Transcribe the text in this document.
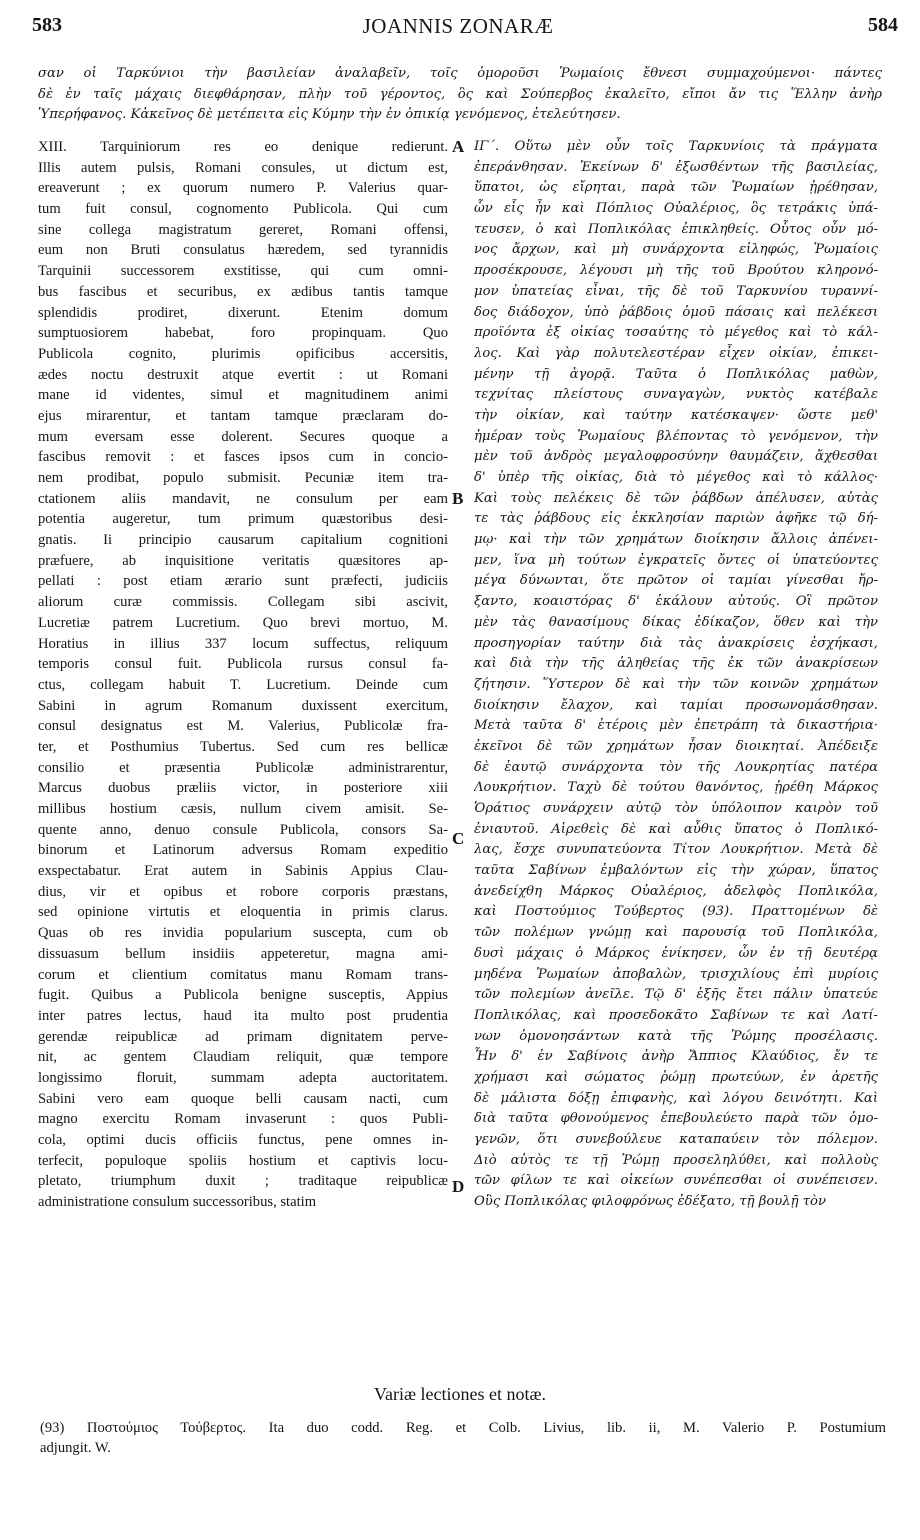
583	JOANNIS ZONARÆ	584
σαν οἱ Ταρκύνιοι τὴν βασιλείαν ἀναλαβεῖν, τοῖς ὁμοροῦσι Ῥωμαίοις ἔθνεσι συμμαχούμενοι· πάντες
δὲ ἐν ταῖς μάχαις διεφθάρησαν, πλὴν τοῦ γέροντος, ὃς καὶ Σούπερβος ἐκαλεῖτο, εἴποι ἄν τις Ἕλλην ἀνὴρ
Ὑπερήφανος. Κἀκεῖνος δὲ μετέπειτα εἰς Κύμην τὴν ἐν ὀπικίᾳ γενόμενος, ἐτελεύτησεν.
XIII. Tarquiniorum res eo denique redierunt.
Illis autem pulsis, Romani consules, ut dictum est,
ereaverunt ; ex quorum numero P. Valerius quar-
tum fuit consul, cognomento Publicola. Qui cum
sine collega magistratum gereret, Romani offensi,
eum non Bruti consulatus hæredem, sed tyrannidis
Tarquinii successorem exstitisse, qui cum omni-
bus fascibus et securibus, ex ædibus tantis tamque
splendidis prodiret, dixerunt. Etenim domum
sumptuosiorem habebat, foro propinquam. Quo
Publicola cognito, plurimis opificibus accersitis,
ædes noctu destruxit atque evertit : ut Romani
mane id videntes, simul et magnitudinem animi
ejus mirarentur, et tantam tamque præclaram do-
mum eversam esse dolerent. Secures quoque a
fascibus removit : et fasces ipsos cum in concio-
nem prodibat, populo submisit. Pecuniæ item tra-
ctationem aliis mandavit, ne consulum per eam
potentia augeretur, tum primum quæstoribus desi-
gnatis. Ii principio causarum capitalium cognitioni
præfuere, ab inquisitione veritatis quæsitores ap-
pellati : post etiam ærario sunt præfecti, judiciis
aliorum curæ commissis. Collegam sibi ascivit,
Lucretiæ patrem Lucretium. Quo brevi mortuo, M.
Horatius in illius 337 locum suffectus, reliquum
temporis consul fuit. Publicola rursus consul fa-
ctus, collegam habuit T. Lucretium. Deinde cum
Sabini in agrum Romanum duxissent exercitum,
consul designatus est M. Valerius, Publicolæ fra-
ter, et Posthumius Tubertus. Sed cum res bellicæ
consilio et præsentia Publicolæ administrarentur,
Marcus duobus præliis victor, in posteriore xiii
millibus hostium cæsis, nullum civem amisit. Se-
quente anno, denuo consule Publicola, consors Sa-
binorum et Latinorum adversus Romam expeditio
exspectabatur. Erat autem in Sabinis Appius Clau-
dius, vir et opibus et robore corporis præstans,
sed opinione virtutis et eloquentia in primis clarus.
Quas ob res invidia popularium suscepta, cum ob
dissuasum bellum insidiis appeteretur, magna ami-
corum et clientium comitatus manu Romam trans-
fugit. Quibus a Publicola benigne susceptis, Appius
inter patres lectus, haud ita multo post prudentia
gerendæ reipublicæ ad primam dignitatem perve-
nit, ac gentem Claudiam reliquit, quæ tempore
longissimo floruit, summam adepta auctoritatem.
Sabini vero eam quoque belli causam nacti, cum
magno exercitu Romam invaserunt : quos Publi-
cola, optimi ducis officiis functus, pene omnes in-
terfecit, populoque spoliis hostium et captivis locu-
pletato, triumphum duxit ; traditaque reipublicæ
administratione consulum successoribus, statim
ΙΓ΄. Οὕτω μὲν οὖν τοῖς Ταρκυνίοις τὰ πράγματα
ἐπεράνθησαν. Ἐκείνων δ' ἐξωσθέντων τῆς βασιλείας,
ὕπατοι, ὡς εἴρηται, παρὰ τῶν Ῥωμαίων ᾑρέθησαν,
ὧν εἷς ἦν καὶ Πόπλιος Οὐαλέριος, ὃς τετράκις ὑπά-
τευσεν, ὁ καὶ Ποπλικόλας ἐπικληθείς. Οὗτος οὖν μό-
νος ἄρχων, καὶ μὴ συνάρχοντα εἰληφώς, Ῥωμαίοις
προσέκρουσε, λέγουσι μὴ τῆς τοῦ Βρούτου κληρονό-
μον ὑπατείας εἶναι, τῆς δὲ τοῦ Ταρκυνίου τυραννί-
δος διάδοχον, ὑπὸ ῥάβδοις ὁμοῦ πάσαις καὶ πελέκεσι
προϊόντα ἐξ οἰκίας τοσαύτης τὸ μέγεθος καὶ τὸ κάλ-
λος. Καὶ γὰρ πολυτελεστέραν εἶχεν οἰκίαν, ἐπικει-
μένην τῇ ἀγορᾷ. Ταῦτα ὁ Ποπλικόλας μαθὼν,
τεχνίτας πλείστους συναγαγὼν, νυκτὸς κατέβαλε
τὴν οἰκίαν, καὶ ταύτην κατέσκαψεν· ὥστε μεθ'
ἡμέραν τοὺς Ῥωμαίους βλέποντας τὸ γενόμενον, τὴν
μὲν τοῦ ἀνδρὸς μεγαλοφροσύνην θαυμάζειν, ἄχθεσθαι
δ' ὑπὲρ τῆς οἰκίας, διὰ τὸ μέγεθος καὶ τὸ κάλλος·
Καὶ τοὺς πελέκεις δὲ τῶν ῥάβδων ἀπέλυσεν, αὐτὰς
τε τὰς ῥάβδους εἰς ἐκκλησίαν παριὼν ἀφῆκε τῷ δή-
μῳ· καὶ τὴν τῶν χρημάτων διοίκησιν ἄλλοις ἀπένει-
μεν, ἵνα μὴ τούτων ἐγκρατεῖς ὄντες οἱ ὑπατεύοντες
μέγα δύνωνται, ὅτε πρῶτον οἱ ταμίαι γίνεσθαι ἤρ-
ξαντο, κοαιστόρας δ' ἐκάλουν αὐτούς. Οἳ πρῶτον
μὲν τὰς θανασίμους δίκας ἐδίκαζον, ὅθεν καὶ τὴν
προσηγορίαν ταύτην διὰ τὰς ἀνακρίσεις ἐσχήκασι,
καὶ διὰ τὴν τῆς ἀληθείας τῆς ἐκ τῶν ἀνακρίσεων
ζήτησιν. Ὕστερον δὲ καὶ τὴν τῶν κοινῶν χρημάτων
διοίκησιν ἔλαχον, καὶ ταμίαι προσωνομάσθησαν.
Μετὰ ταῦτα δ' ἑτέροις μὲν ἐπετράπη τὰ δικαστήρια·
ἐκεῖνοι δὲ τῶν χρημάτων ἦσαν διοικηταί. Ἀπέδειξε
δὲ ἑαυτῷ συνάρχοντα τὸν τῆς Λουκρητίας πατέρα
Λουκρήτιον. Ταχὺ δὲ τούτου θανόντος, ᾑρέθη Μάρκος
Ὁράτιος συνάρχειν αὐτῷ τὸν ὑπόλοιπον καιρὸν τοῦ
ἐνιαυτοῦ. Αἱρεθεὶς δὲ καὶ αὖθις ὕπατος ὁ Ποπλικό-
λας, ἔσχε συνυπατεύοντα Τίτον Λουκρήτιον. Μετὰ δὲ
ταῦτα Σαβίνων ἐμβαλόντων εἰς τὴν χώραν, ὕπατος
ἀνεδείχθη Μάρκος Οὐαλέριος, ἀδελφὸς Ποπλικόλα,
καὶ Ποστούμιος Τούβερτος (93). Πραττομένων δὲ
τῶν πολέμων γνώμῃ καὶ παρουσίᾳ τοῦ Ποπλικόλα,
δυσὶ μάχαις ὁ Μάρκος ἐνίκησεν, ὧν ἐν τῇ δευτέρᾳ
μηδένα Ῥωμαίων ἀποβαλὼν, τρισχιλίους ἐπὶ μυρίοις
τῶν πολεμίων ἀνεῖλε. Τῷ δ' ἑξῆς ἔτει πάλιν ὑπατεύε
Ποπλικόλας, καὶ προσεδοκᾶτο Σαβίνων τε καὶ Λατί-
νων ὁμονοησάντων κατὰ τῆς Ῥώμης προσέλασις.
Ἦν δ' ἐν Σαβίνοις ἀνὴρ Ἄππιος Κλαύδιος, ἔν τε
χρήμασι καὶ σώματος ῥώμῃ πρωτεύων, ἐν ἀρετῆς
δὲ μάλιστα δόξῃ ἐπιφανὴς, καὶ λόγου δεινότητι. Καὶ
διὰ ταῦτα φθονούμενος ἐπεβουλεύετο παρὰ τῶν ὁμο-
γενῶν, ὅτι συνεβούλευε καταπαύειν τὸν πόλεμον.
Διὸ αὐτὸς τε τῇ Ῥώμῃ προσεληλύθει, καὶ πολλοὺς
τῶν φίλων τε καὶ οἰκείων συνέπεσθαι οἱ συνέπεισεν.
Οὓς Ποπλικόλας φιλοφρόνως ἐδέξατο, τῇ βουλῇ τὸν
A
B
C
D
Variæ lectiones et notæ.
(93) Ποστούμιος Τούβερτος. Ita duo codd. Reg. et Colb. Livius, lib. ii, M. Valerio P. Postumium
adjungit. W.
